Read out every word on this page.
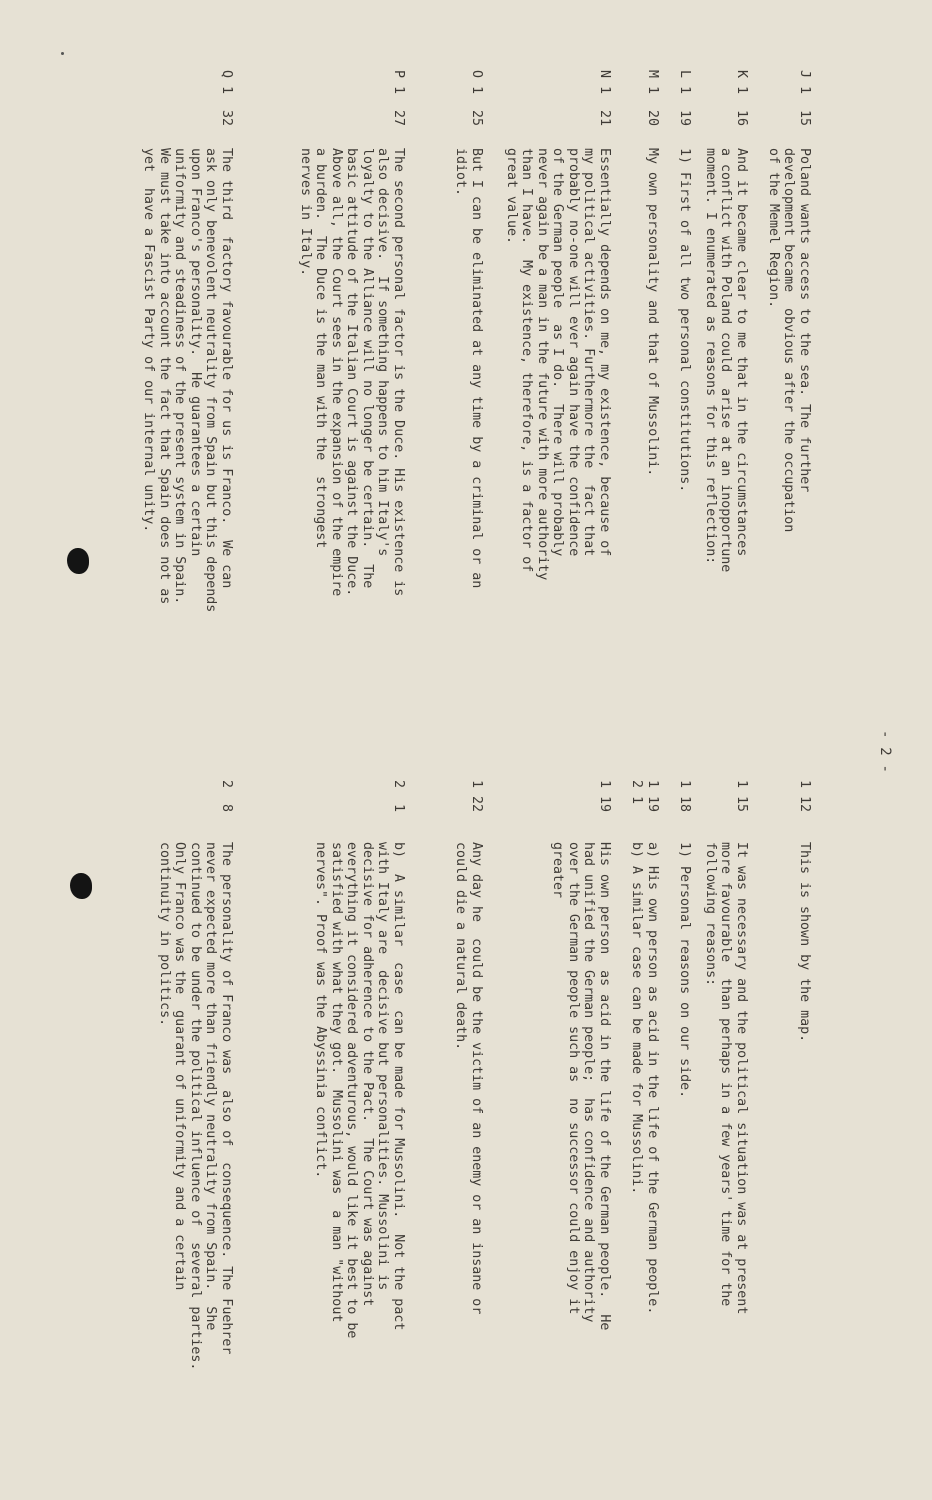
- 2 -
J 1  15
Poland wants access to the sea. The further
development became  obvious after the occupation
of the Memel Region.
K 1  16
And it became clear to me that in the circumstances
a conflict with Poland could  arise at an inopportune
moment. I enumerated as reasons for this reflection:
L 1  19
1) First of all two personal constitutions.
M 1  20
My own personality and that of Mussolini.
N 1  21
Essentially depends on me, my existence, because of
my political activities. Furthermore the  fact that
probably no-one will ever again have the confidence
of the German people  as I do.  There will probably
never again be a man in the future with more authority
than I have.  My existence, therefore, is a factor of
great value.
O 1  25
But I can be eliminated at any time by a criminal or an
idiot.
P 1  27
The second personal factor is the Duce. His existence is
also decisive.  If something happens to him Italy's
loyalty to the Alliance will no longer be certain.  The
basic attitude of the Italian Court is against the Duce.
Above all, the Court sees in the expansion of the empire
a burden.  The Duce is the man with the  strongest
nerves in Italy.
Q 1  32
The third  factory favourable for us is Franco.  We can
ask only benevolent neutrality from Spain but this depends
upon Franco's personality.  He guarantees a certain
uniformity and steadiness of the present system in Spain.
We must take into account the fact that Spain does not as
yet  have a Fascist Party of our internal unity.
1 12
This is shown by the map.
1 15
It was necessary and the political situation was at present
more favourable  than perhaps in a few years' time for the
following reasons:
1 18
1) Personal reasons on our side.
1 19
2 1
a) His own person as acid in the life of the German people.
b) A similar case can be made for Mussolini.
1 19
His own person  as acid in the life of the German people.  He
had unified the German people;  has confidence and authority
over the German people such as  no successor could enjoy it
greater
1 22
Any day he  could be the victim of an enemy or an insane or
could die a natural death.
2  1
b)  A similar  case  can be made for Mussolini.  Not the pact
with Italy are  decisive but personalities. Mussolini is
decisive for adherence to the Pact.  The Court was against
everything it considered adventurous, would like it best to be
satisfied with what they got.  Mussolini was  a man "without
nerves". Proof was the Abyssinia conflict.
2  8
The personality of Franco was  also of  consequence. The Fuehrer
never expected more than friendly neutrality from Spain.  She
continued to be under the political influence of  several parties.
Only Franco was the  guarant of uniformity and a certain
continuity in politics.
